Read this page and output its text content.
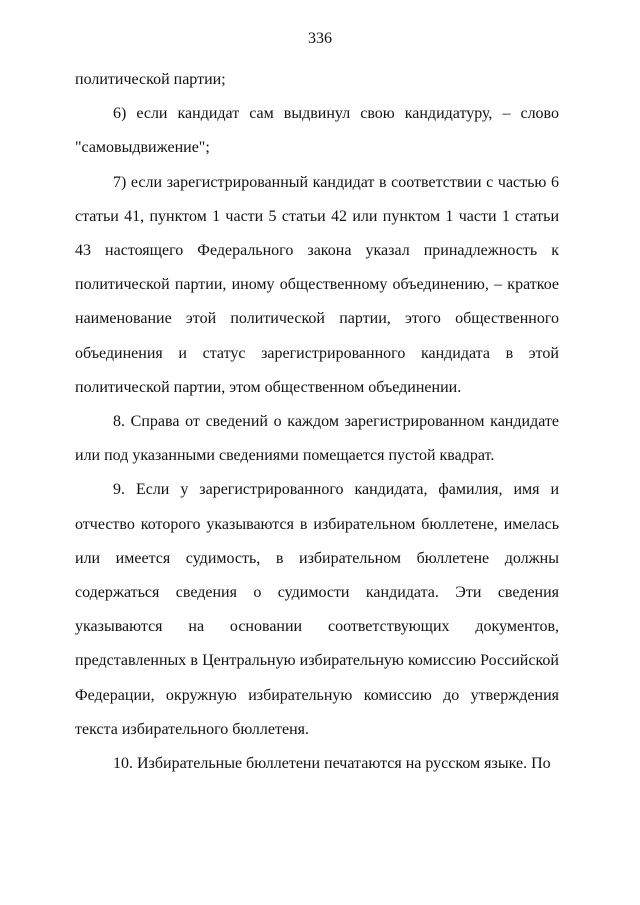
336

политической партии;

6) если кандидат сам выдвинул свою кандидатуру, – слово "самовыдвижение";

7) если зарегистрированный кандидат в соответствии с частью 6 статьи 41, пунктом 1 части 5 статьи 42 или пунктом 1 части 1 статьи 43 настоящего Федерального закона указал принадлежность к политической партии, иному общественному объединению, – краткое наименование этой политической партии, этого общественного объединения и статус зарегистрированного кандидата в этой политической партии, этом общественном объединении.

8. Справа от сведений о каждом зарегистрированном кандидате или под указанными сведениями помещается пустой квадрат.

9. Если у зарегистрированного кандидата, фамилия, имя и отчество которого указываются в избирательном бюллетене, имелась или имеется судимость, в избирательном бюллетене должны содержаться сведения о судимости кандидата. Эти сведения указываются на основании соответствующих документов, представленных в Центральную избирательную комиссию Российской Федерации, окружную избирательную комиссию до утверждения текста избирательного бюллетеня.

10. Избирательные бюллетени печатаются на русском языке. По
